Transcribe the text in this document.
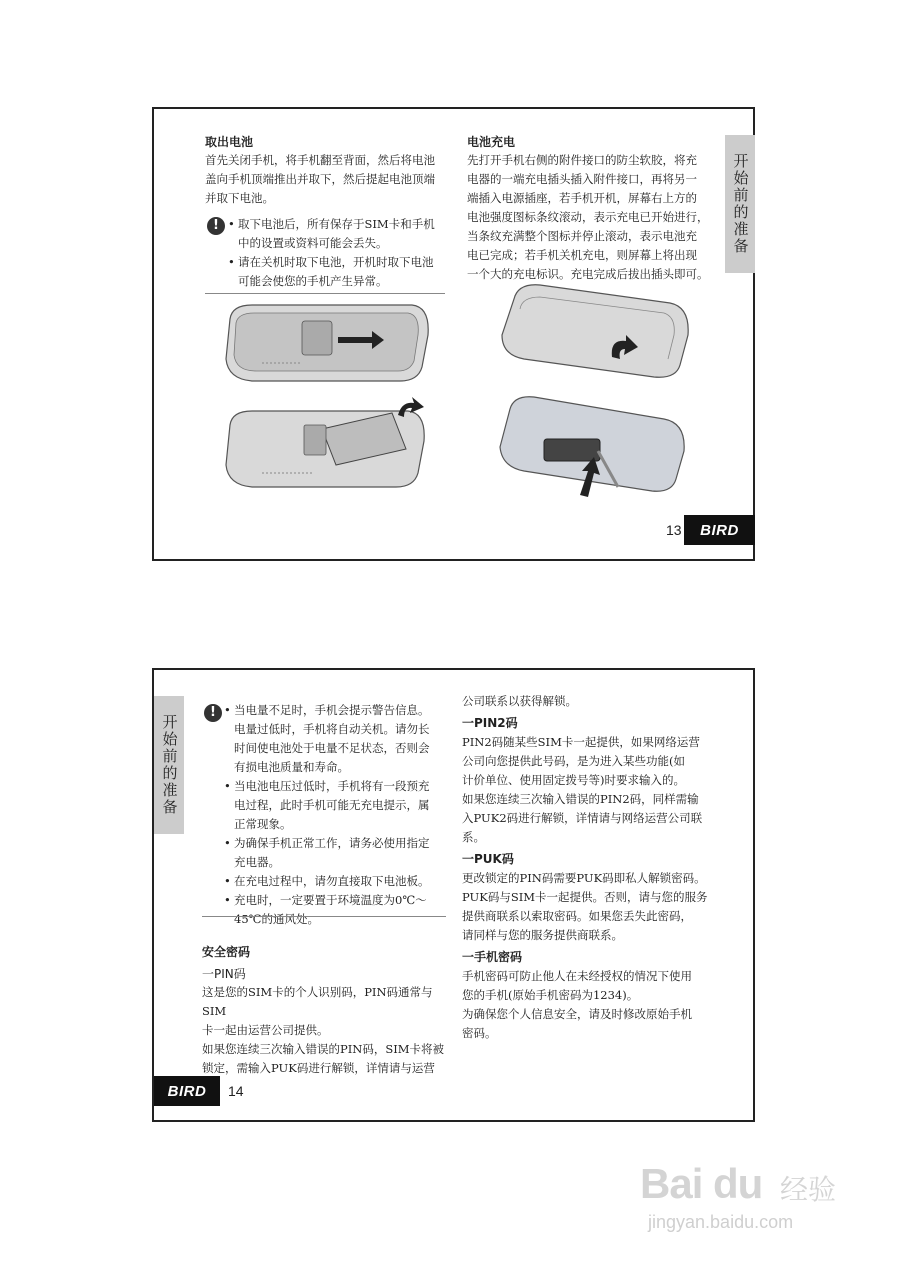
取出电池

首先关闭手机，将手机翻至背面，然后将电池

盖向手机顶端推出并取下，然后提起电池顶端

并取下电池。

!	• 取下电池后，所有保存于SIM卡和手机
中的设置或资料可能会丢失。
• 请在关机时取下电池，开机时取下电池
可能会使您的手机产生异常。
电池充电

先打开手机右侧的附件接口的防尘软胶，将充

电器的一端充电插头插入附件接口，再将另一

端插入电源插座，若手机开机，屏幕右上方的

电池强度图标条纹滚动，表示充电已开始进行，

当条纹充满整个图标并停止滚动，表示电池充

电已完成；若手机关机充电，则屏幕上将出现

一个大的充电标识。充电完成后拔出插头即可。

开始前的准备
13	BIRD
开始前的准备
!	• 当电量不足时，手机会提示警告信息。
电量过低时，手机将自动关机。请勿长
时间使电池处于电量不足状态，否则会
有损电池质量和寿命。
• 当电池电压过低时，手机将有一段预充
电过程，此时手机可能无充电提示，属
正常现象。
• 为确保手机正常工作，请务必使用指定
充电器。
• 在充电过程中，请勿直接取下电池板。
• 充电时，一定要置于环境温度为0℃～
45℃的通风处。
安全密码
一PIN码

这是您的SIM卡的个人识别码，PIN码通常与SIM

卡一起由运营公司提供。

如果您连续三次输入错误的PIN码，SIM卡将被

锁定，需输入PUK码进行解锁，详情请与运营

公司联系以获得解锁。

一PIN2码

PIN2码随某些SIM卡一起提供，如果网络运营

公司向您提供此号码，是为进入某些功能(如

计价单位、使用固定拨号等)时要求输入的。

如果您连续三次输入错误的PIN2码，同样需输

入PUK2码进行解锁，详情请与网络运营公司联

系。

一PUK码

更改锁定的PIN码需要PUK码即私人解锁密码。

PUK码与SIM卡一起提供。否则，请与您的服务

提供商联系以索取密码。如果您丢失此密码，

请同样与您的服务提供商联系。

一手机密码

手机密码可防止他人在未经授权的情况下使用

您的手机(原始手机密码为1234)。

为确保您个人信息安全，请及时修改原始手机

密码。

BIRD	14
Bai du 经验
jingyan.baidu.com
